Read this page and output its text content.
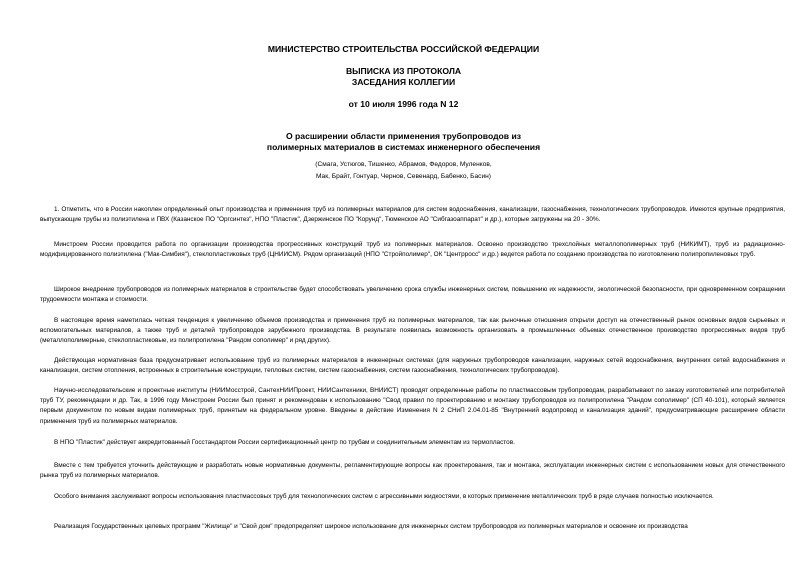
МИНИСТЕРСТВО СТРОИТЕЛЬСТВА РОССИЙСКОЙ ФЕДЕРАЦИИ
ВЫПИСКА ИЗ ПРОТОКОЛА
ЗАСЕДАНИЯ КОЛЛЕГИИ
от 10 июля 1996 года N 12
О расширении области применения трубопроводов из
полимерных материалов в системах инженерного обеспечения
(Смага, Устюгов, Тишенко, Абрамов, Федоров, Муленков,
Мак, Брайт, Гонтуар, Чернов, Севенард, Бабенко, Басин)

1. Отметить, что в России накоплен определенный опыт производства и применения труб из полимерных материалов для систем водоснабжения, канализации, газоснабжения, технологических трубопроводов. Имеются крупные предприятия, выпускающие трубы из полиэтилена и ПВХ (Казанское ПО "Оргсинтез", НПО "Пластик", Дзержинское ПО "Корунд", Тюменское АО "Сибгазоаппарат" и др.), которые загружены на 20 - 30%.

Минстроем России проводится работа по организации производства прогрессивных конструкций труб из полимерных материалов. Освоено производство трехслойных металлополимерных труб (НИКИМТ), труб из радиационно-модифицированного полиэтилена ("Мак-Симбия"), стеклопластиковых труб (ЦНИИСМ). Рядом организаций (НПО "Стройполимер", ОК "Центрросс" и др.) ведется работа по созданию производства по изготовлению полипропиленовых труб.

Широкое внедрение трубопроводов из полимерных материалов в строительстве будет способствовать увеличению срока службы инженерных систем, повышению их надежности, экологической безопасности, при одновременном сокращении трудоемкости монтажа и стоимости.

В настоящее время наметилась четкая тенденция к увеличению объемов производства и применения труб из полимерных материалов, так как рыночные отношения открыли доступ на отечественный рынок основных видов сырьевых и вспомогательных материалов, а также труб и деталей трубопроводов зарубежного производства. В результате появилась возможность организовать в промышленных объемах отечественное производство прогрессивных видов труб (металлополимерные, стеклопластиковые, из полипропилена "Рандом сополимер" и ряд других).

Действующая нормативная база предусматривает использование труб из полимерных материалов в инженерных системах (для наружных трубопроводов канализации, наружных сетей водоснабжения, внутренних сетей водоснабжения и канализации, систем отопления, встроенных в строительные конструкции, тепловых систем, систем газоснабжения, систем газоснабжения, технологических трубопроводов).

Научно-исследовательские и проектные институты (НИИМосстрой, СантехНИИПроект, НИИСантехники, ВНИИСТ) проводят определенные работы по пластмассовым трубопроводам, разрабатывают по заказу изготовителей или потребителей труб ТУ, рекомендации и др. Так, в 1996 году Минстроем России был принят и рекомендован к использованию "Свод правил по проектированию и монтажу трубопроводов из полипропилена "Рандом сополимер" (СП 40-101), который является первым документом по новым видам полимерных труб, принятым на федеральном уровне. Введены в действие Изменения N 2 СНиП 2.04.01-85 "Внутренний водопровод и канализация зданий", предусматривающие расширение области применения труб из полимерных материалов.

В НПО "Пластик" действует аккредитованный Госстандартом России сертификационный центр по трубам и соединительным элементам из термопластов.

Вместе с тем требуется уточнить действующие и разработать новые нормативные документы, регламентирующие вопросы как проектирования, так и монтажа, эксплуатации инженерных систем с использованием новых для отечественного рынка труб из полимерных материалов.

Особого внимания заслуживают вопросы использования пластмассовых труб для технологических систем с агрессивными жидкостями, в которых применение металлических труб в ряде случаев полностью исключается.

Реализация Государственных целевых программ "Жилище" и "Свой дом" предопределяет широкое использование для инженерных систем трубопроводов из полимерных материалов и освоение их производства
